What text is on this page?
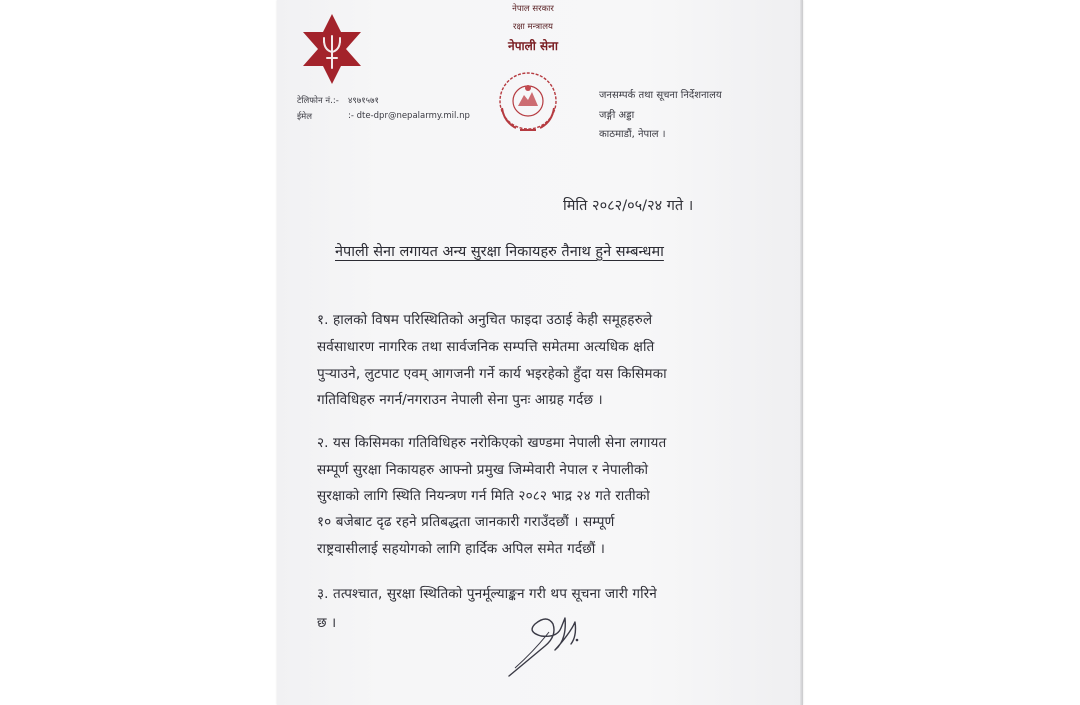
टेलिफोन नं.:- ४९७१५७१
ईमेल	:- dte-dpr@nepalarmy.mil.np
नेपाल सरकार
रक्षा मन्त्रालय
नेपाली सेना
जनसम्पर्क तथा सूचना निर्देशनालय
जङ्गी अड्डा
काठमाडौं, नेपाल ।
मिति २०८२/०५/२४ गते ।
नेपाली सेना लगायत अन्य सुरक्षा निकायहरु तैनाथ हुने सम्बन्धमा
१. हालको विषम परिस्थितिको अनुचित फाइदा उठाई केही समूहहरुले
सर्वसाधारण नागरिक तथा सार्वजनिक सम्पत्ति समेतमा अत्यधिक क्षति
पुऱ्याउने, लुटपाट एवम् आगजनी गर्ने कार्य भइरहेको हुँदा यस किसिमका
गतिविधिहरु नगर्न/नगराउन नेपाली सेना पुनः आग्रह गर्दछ ।
२. यस किसिमका गतिविधिहरु नरोकिएको खण्डमा नेपाली सेना लगायत
सम्पूर्ण सुरक्षा निकायहरु आफ्नो प्रमुख जिम्मेवारी नेपाल र नेपालीको
सुरक्षाको लागि स्थिति नियन्त्रण गर्न मिति २०८२ भाद्र २४ गते रातीको
१० बजेबाट दृढ रहने प्रतिबद्धता जानकारी गराउँदछौं । सम्पूर्ण
राष्ट्रवासीलाई सहयोगको लागि हार्दिक अपिल समेत गर्दछौं ।
३. तत्पश्चात, सुरक्षा स्थितिको पुनर्मूल्याङ्कन गरी थप सूचना जारी गरिने
छ ।
